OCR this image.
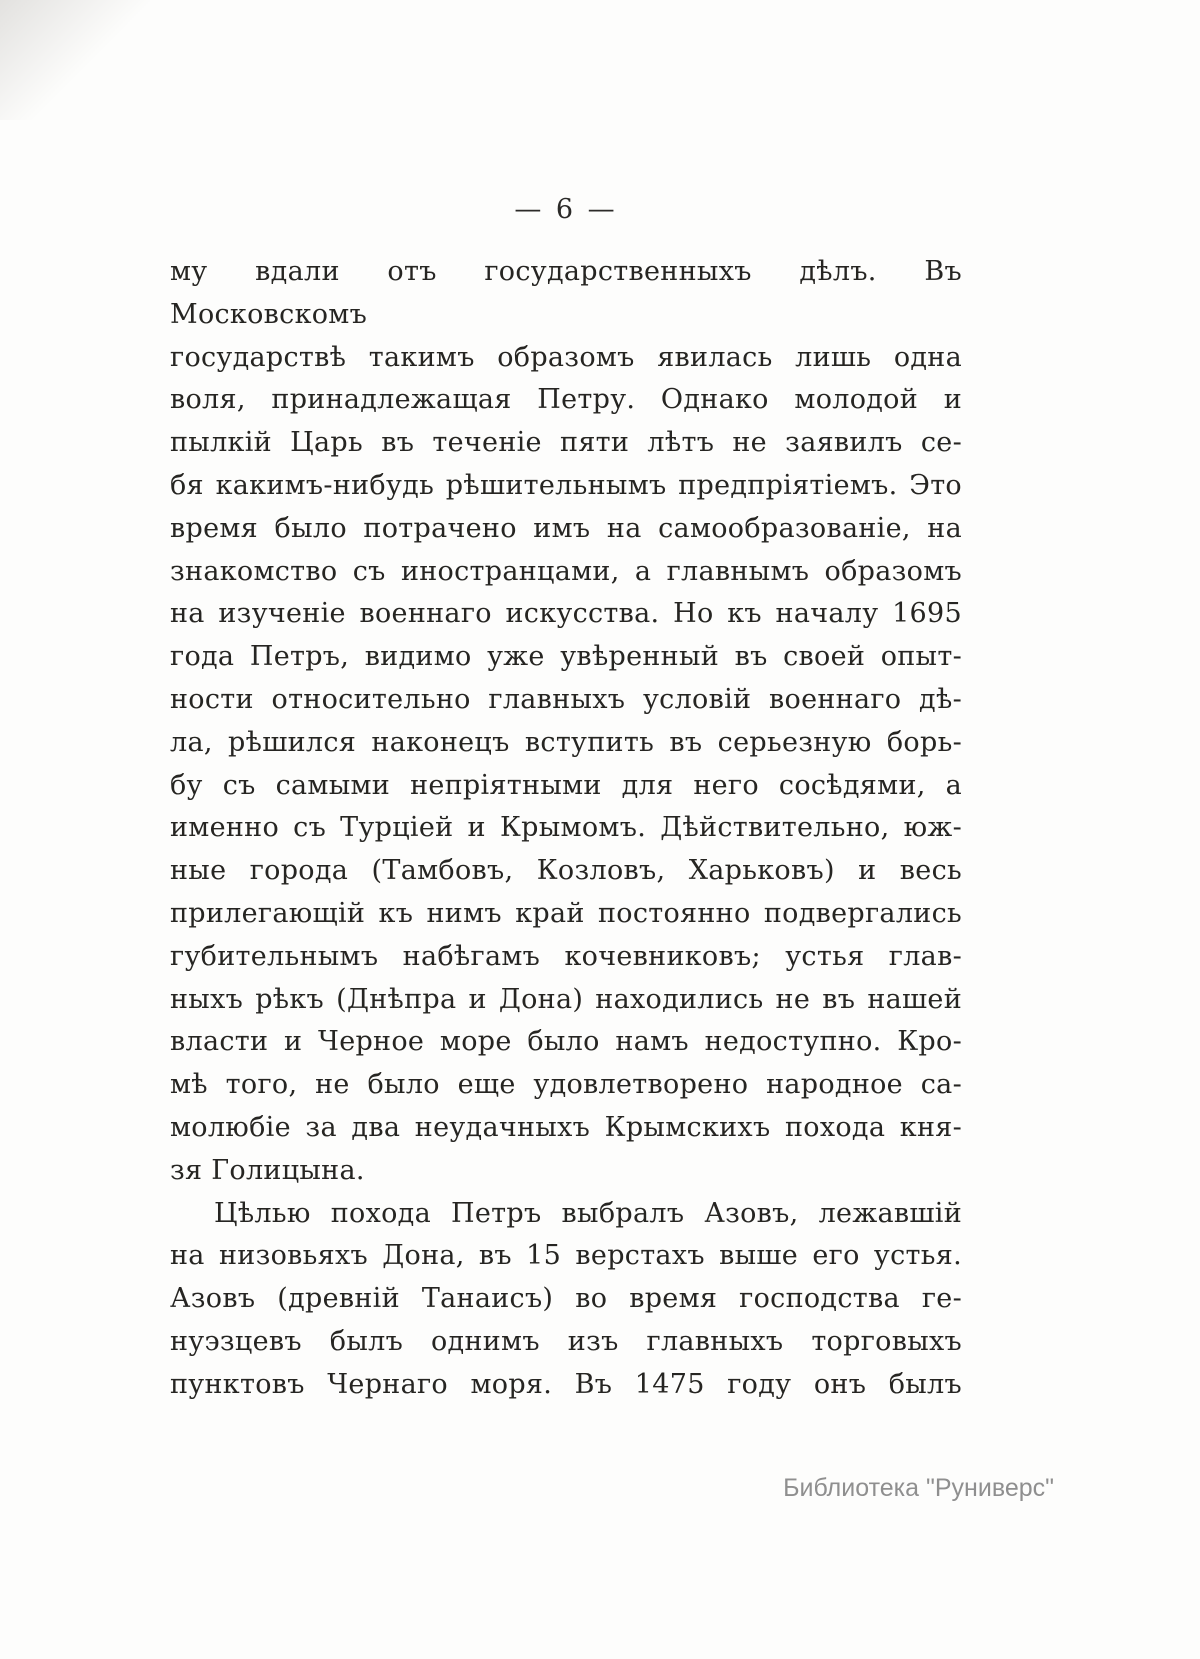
— 6 —
му вдали отъ государственныхъ дѣлъ. Въ Московскомъ
государствѣ такимъ образомъ явилась лишь одна
воля, принадлежащая Петру. Однако молодой и
пылкій Царь въ теченіе пяти лѣтъ не заявилъ се-
бя какимъ-нибудь рѣшительнымъ предпріятіемъ. Это
время было потрачено имъ на самообразованіе, на
знакомство съ иностранцами, а главнымъ образомъ
на изученіе военнаго искусства. Но къ началу 1695
года Петръ, видимо уже увѣренный въ своей опыт-
ности относительно главныхъ условій военнаго дѣ-
ла, рѣшился наконецъ вступить въ серьезную борь-
бу съ самыми непріятными для него сосѣдями, а
именно съ Турціей и Крымомъ. Дѣйствительно, юж-
ные города (Тамбовъ, Козловъ, Харьковъ) и весь
прилегающій къ нимъ край постоянно подвергались
губительнымъ набѣгамъ кочевниковъ; устья глав-
ныхъ рѣкъ (Днѣпра и Дона) находились не въ нашей
власти и Черное море было намъ недоступно. Кро-
мѣ того, не было еще удовлетворено народное са-
молюбіе за два неудачныхъ Крымскихъ похода кня-
зя Голицына.
Цѣлью похода Петръ выбралъ Азовъ, лежавшій
на низовьяхъ Дона, въ 15 верстахъ выше его устья.
Азовъ (древній Танаисъ) во время господства ге-
нуэзцевъ былъ однимъ изъ главныхъ торговыхъ
пунктовъ Чернаго моря. Въ 1475 году онъ былъ
Библиотека "Руниверс"
